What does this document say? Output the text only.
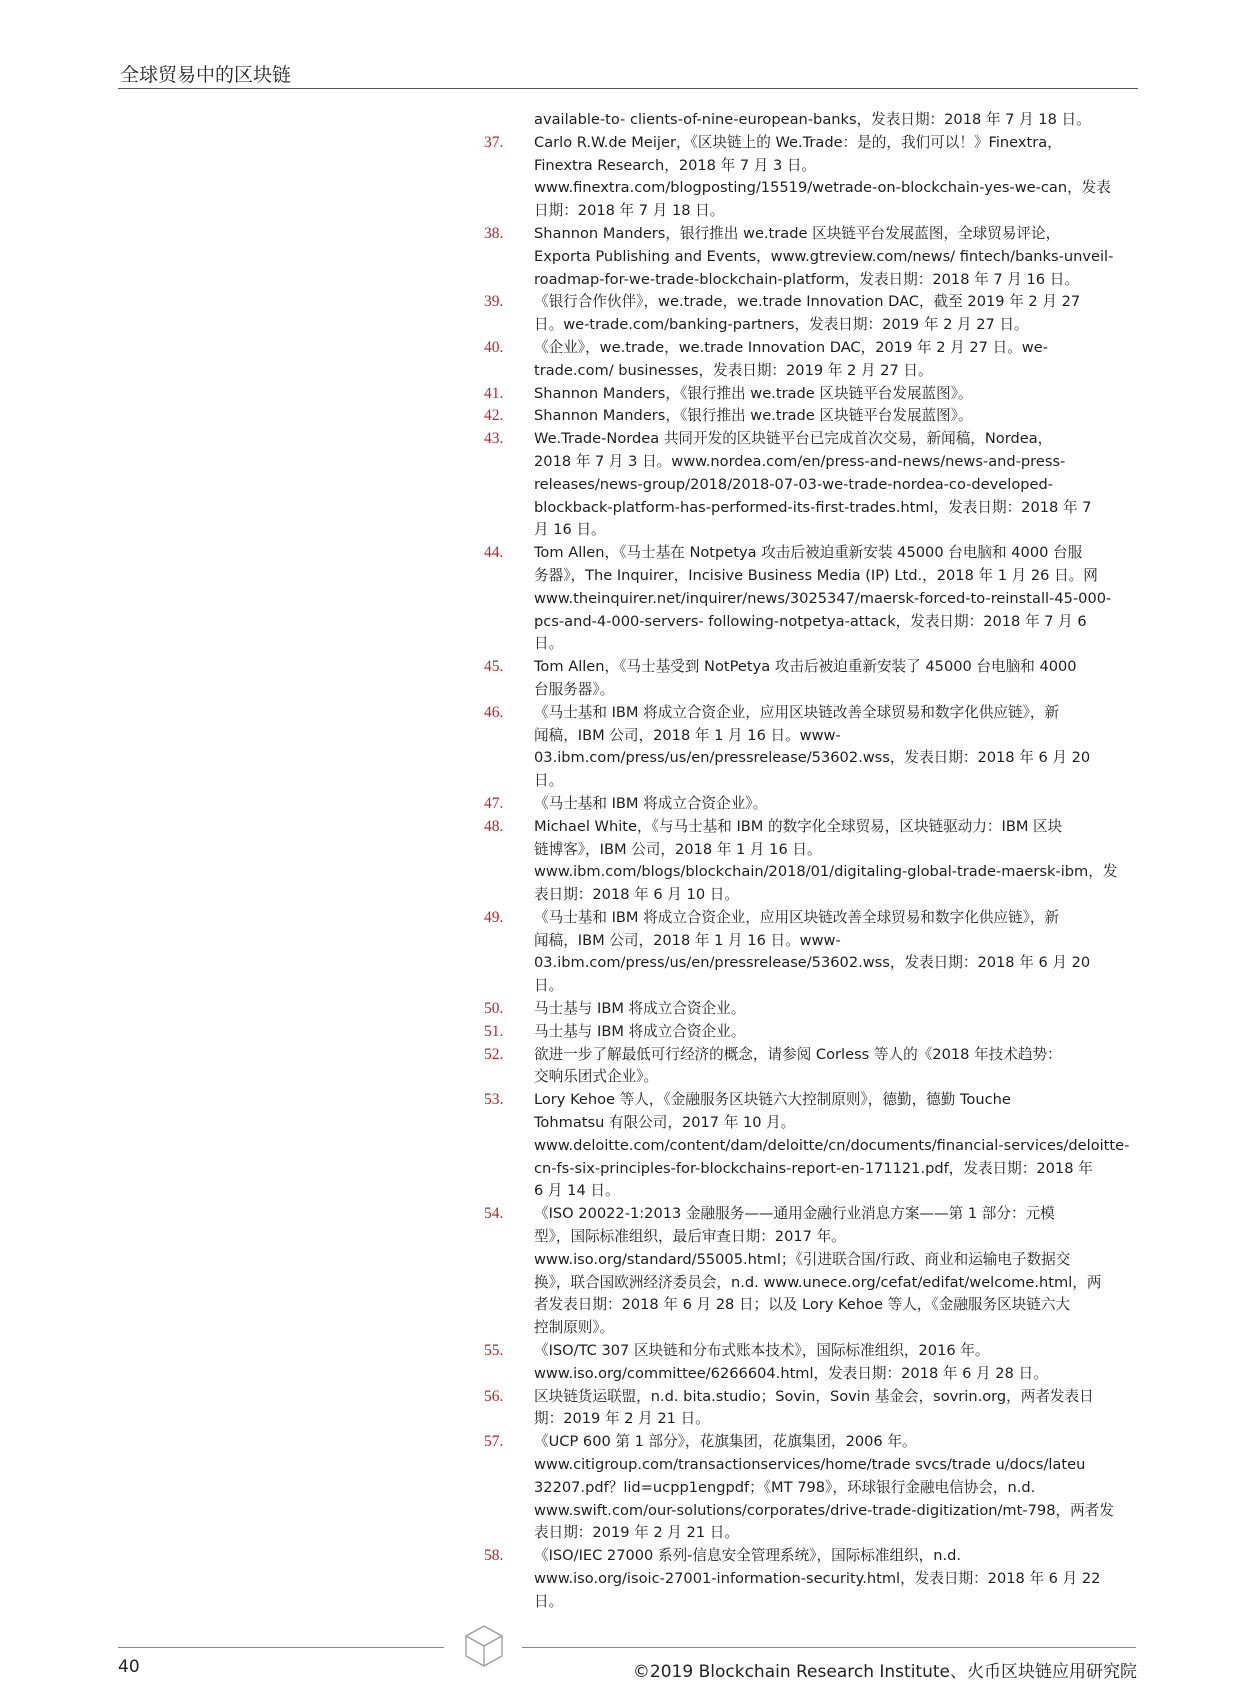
全球贸易中的区块链
available-to- clients-of-nine-european-banks，发表日期：2018 年 7 月 18 日。
37. Carlo R.W.de Meijer，《区块链上的 We.Trade：是的，我们可以！》Finextra，
Finextra Research，2018 年 7 月 3 日。
www.finextra.com/blogposting/15519/wetrade-on-blockchain-yes-we-can，发表
日期：2018 年 7 月 18 日。
38. Shannon Manders，银行推出 we.trade 区块链平台发展蓝图，全球贸易评论，
Exporta Publishing and Events，www.gtreview.com/news/ fintech/banks-unveil-
roadmap-for-we-trade-blockchain-platform，发表日期：2018 年 7 月 16 日。
39. 《银行合作伙伴》，we.trade，we.trade Innovation DAC，截至 2019 年 2 月 27
日。we-trade.com/banking-partners，发表日期：2019 年 2 月 27 日。
40. 《企业》，we.trade，we.trade Innovation DAC，2019 年 2 月 27 日。we-
trade.com/ businesses，发表日期：2019 年 2 月 27 日。
41. Shannon Manders，《银行推出 we.trade 区块链平台发展蓝图》。
42. Shannon Manders，《银行推出 we.trade 区块链平台发展蓝图》。
43. We.Trade-Nordea 共同开发的区块链平台已完成首次交易，新闻稿，Nordea，
2018 年 7 月 3 日。www.nordea.com/en/press-and-news/news-and-press-
releases/news-group/2018/2018-07-03-we-trade-nordea-co-developed-
blockback-platform-has-performed-its-first-trades.html，发表日期：2018 年 7
月 16 日。
44. Tom Allen，《马士基在 Notpetya 攻击后被迫重新安装 45000 台电脑和 4000 台服
务器》，The Inquirer，Incisive Business Media (IP) Ltd.，2018 年 1 月 26 日。网
www.theinquirer.net/inquirer/news/3025347/maersk-forced-to-reinstall-45-000-
pcs-and-4-000-servers- following-notpetya-attack，发表日期：2018 年 7 月 6
日。
45. Tom Allen，《马士基受到 NotPetya 攻击后被迫重新安装了 45000 台电脑和 4000
台服务器》。
46. 《马士基和 IBM 将成立合资企业，应用区块链改善全球贸易和数字化供应链》，新
闻稿，IBM 公司，2018 年 1 月 16 日。www-
03.ibm.com/press/us/en/pressrelease/53602.wss，发表日期：2018 年 6 月 20
日。
47. 《马士基和 IBM 将成立合资企业》。
48. Michael White，《与马士基和 IBM 的数字化全球贸易，区块链驱动力：IBM 区块
链博客》，IBM 公司，2018 年 1 月 16 日。
www.ibm.com/blogs/blockchain/2018/01/digitaling-global-trade-maersk-ibm，发
表日期：2018 年 6 月 10 日。
49. 《马士基和 IBM 将成立合资企业，应用区块链改善全球贸易和数字化供应链》，新
闻稿，IBM 公司，2018 年 1 月 16 日。www-
03.ibm.com/press/us/en/pressrelease/53602.wss，发表日期：2018 年 6 月 20
日。
50. 马士基与 IBM 将成立合资企业。
51. 马士基与 IBM 将成立合资企业。
52. 欲进一步了解最低可行经济的概念，请参阅 Corless 等人的《2018 年技术趋势：
交响乐团式企业》。
53. Lory Kehoe 等人，《金融服务区块链六大控制原则》，德勤，德勤 Touche
Tohmatsu 有限公司，2017 年 10 月。
www.deloitte.com/content/dam/deloitte/cn/documents/financial-services/deloitte-
cn-fs-six-principles-for-blockchains-report-en-171121.pdf，发表日期：2018 年
6 月 14 日。
54. 《ISO 20022-1:2013 金融服务——通用金融行业消息方案——第 1 部分：元模
型》，国际标准组织，最后审查日期：2017 年。
www.iso.org/standard/55005.html；《引进联合国/行政、商业和运输电子数据交
换》，联合国欧洲经济委员会，n.d. www.unece.org/cefat/edifat/welcome.html，两
者发表日期：2018 年 6 月 28 日；以及 Lory Kehoe 等人，《金融服务区块链六大
控制原则》。
55. 《ISO/TC 307 区块链和分布式账本技术》，国际标准组织，2016 年。
www.iso.org/committee/6266604.html，发表日期：2018 年 6 月 28 日。
56. 区块链货运联盟，n.d. bita.studio；Sovin，Sovin 基金会，sovrin.org，两者发表日
期：2019 年 2 月 21 日。
57. 《UCP 600 第 1 部分》，花旗集团，花旗集团，2006 年。
www.citigroup.com/transactionservices/home/trade svcs/trade u/docs/lateu
32207.pdf？lid=ucpp1engpdf；《MT 798》，环球银行金融电信协会，n.d.
www.swift.com/our-solutions/corporates/drive-trade-digitization/mt-798，两者发
表日期：2019 年 2 月 21 日。
58. 《ISO/IEC 27000 系列-信息安全管理系统》，国际标准组织，n.d.
www.iso.org/isoic-27001-information-security.html，发表日期：2018 年 6 月 22
日。
40	©2019 Blockchain Research Institute、火币区块链应用研究院
